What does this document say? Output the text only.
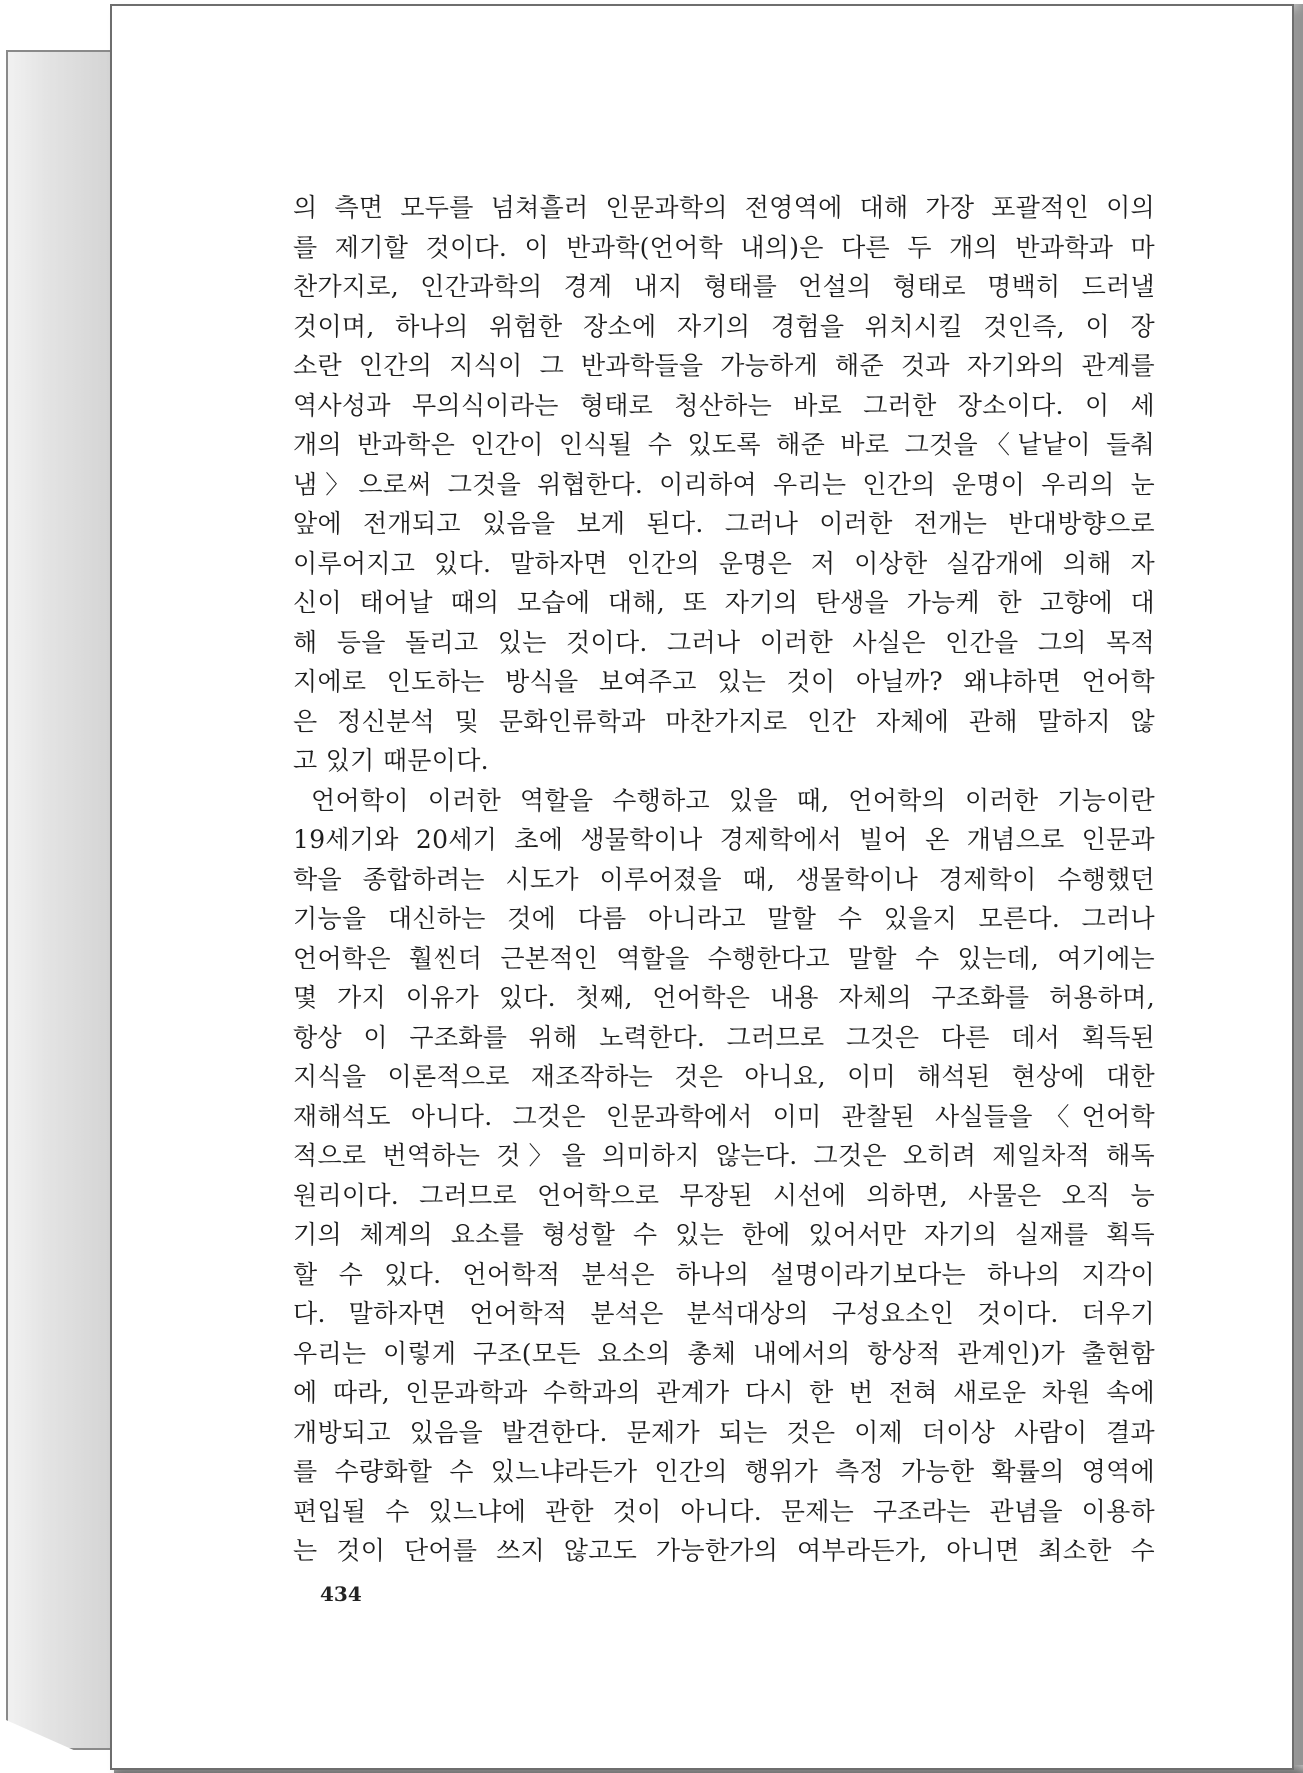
의 측면 모두를 넘쳐흘러 인문과학의 전영역에 대해 가장 포괄적인 이의
를 제기할 것이다. 이 반과학(언어학 내의)은 다른 두 개의 반과학과 마
찬가지로, 인간과학의 경계 내지 형태를 언설의 형태로 명백히 드러낼
것이며, 하나의 위험한 장소에 자기의 경험을 위치시킬 것인즉, 이 장
소란 인간의 지식이 그 반과학들을 가능하게 해준 것과 자기와의 관계를
역사성과 무의식이라는 형태로 청산하는 바로 그러한 장소이다. 이 세
개의 반과학은 인간이 인식될 수 있도록 해준 바로 그것을〈낱낱이 들춰
냄〉으로써 그것을 위협한다. 이리하여 우리는 인간의 운명이 우리의 눈
앞에 전개되고 있음을 보게 된다. 그러나 이러한 전개는 반대방향으로
이루어지고 있다. 말하자면 인간의 운명은 저 이상한 실감개에 의해 자
신이 태어날 때의 모습에 대해, 또 자기의 탄생을 가능케 한 고향에 대
해 등을 돌리고 있는 것이다. 그러나 이러한 사실은 인간을 그의 목적
지에로 인도하는 방식을 보여주고 있는 것이 아닐까? 왜냐하면 언어학
은 정신분석 및 문화인류학과 마찬가지로 인간 자체에 관해 말하지 않
고 있기 때문이다.
언어학이 이러한 역할을 수행하고 있을 때, 언어학의 이러한 기능이란
19세기와 20세기 초에 생물학이나 경제학에서 빌어 온 개념으로 인문과
학을 종합하려는 시도가 이루어졌을 때, 생물학이나 경제학이 수행했던
기능을 대신하는 것에 다름 아니라고 말할 수 있을지 모른다. 그러나
언어학은 훨씬더 근본적인 역할을 수행한다고 말할 수 있는데, 여기에는
몇 가지 이유가 있다. 첫째, 언어학은 내용 자체의 구조화를 허용하며,
항상 이 구조화를 위해 노력한다. 그러므로 그것은 다른 데서 획득된
지식을 이론적으로 재조작하는 것은 아니요, 이미 해석된 현상에 대한
재해석도 아니다. 그것은 인문과학에서 이미 관찰된 사실들을〈언어학
적으로 번역하는 것〉을 의미하지 않는다. 그것은 오히려 제일차적 해독
원리이다. 그러므로 언어학으로 무장된 시선에 의하면, 사물은 오직 능
기의 체계의 요소를 형성할 수 있는 한에 있어서만 자기의 실재를 획득
할 수 있다. 언어학적 분석은 하나의 설명이라기보다는 하나의 지각이
다. 말하자면 언어학적 분석은 분석대상의 구성요소인 것이다. 더우기
우리는 이렇게 구조(모든 요소의 총체 내에서의 항상적 관계인)가 출현함
에 따라, 인문과학과 수학과의 관계가 다시 한 번 전혀 새로운 차원 속에
개방되고 있음을 발견한다. 문제가 되는 것은 이제 더이상 사람이 결과
를 수량화할 수 있느냐라든가 인간의 행위가 측정 가능한 확률의 영역에
편입될 수 있느냐에 관한 것이 아니다. 문제는 구조라는 관념을 이용하
는 것이 단어를 쓰지 않고도 가능한가의 여부라든가, 아니면 최소한 수
434
